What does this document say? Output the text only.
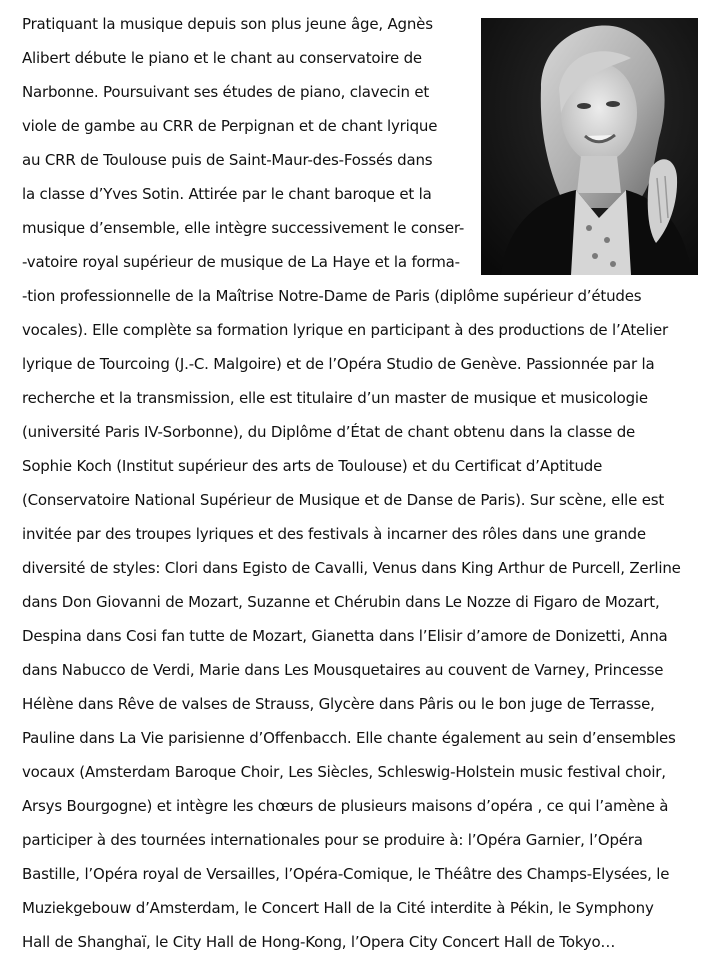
Pratiquant la musique depuis son plus jeune âge, Agnès
Alibert débute le piano et le chant au conservatoire de
Narbonne. Poursuivant ses études de piano, clavecin et
viole de gambe au CRR de Perpignan et de chant lyrique
au CRR de Toulouse puis de Saint-Maur-des-Fossés dans
la classe d’Yves Sotin. Attirée par le chant baroque et la
musique d’ensemble, elle intègre successivement le conser-
-vatoire royal supérieur de musique de La Haye et la forma-
-tion professionnelle de la Maîtrise Notre-Dame de Paris (diplôme supérieur d’études
vocales). Elle complète sa formation lyrique en participant à des productions de l’Atelier
lyrique de Tourcoing (J.-C. Malgoire) et de l’Opéra Studio de Genève. Passionnée par la
recherche et la transmission, elle est titulaire d’un master de musique et musicologie
(université Paris IV-Sorbonne), du Diplôme d’État de chant obtenu dans la classe de
Sophie Koch (Institut supérieur des arts de Toulouse) et du Certificat d’Aptitude
(Conservatoire National Supérieur de Musique et de Danse de Paris). Sur scène, elle est
invitée par des troupes lyriques et des festivals à incarner des rôles dans une grande
diversité de styles: Clori dans Egisto de Cavalli, Venus dans King Arthur de Purcell, Zerline
dans Don Giovanni de Mozart, Suzanne et Chérubin dans Le Nozze di Figaro de Mozart,
Despina dans Cosi fan tutte de Mozart, Gianetta dans l’Elisir d’amore de Donizetti, Anna
dans Nabucco de Verdi, Marie dans Les Mousquetaires au couvent de Varney, Princesse
Hélène dans Rêve de valses de Strauss, Glycère dans Pâris ou le bon juge de Terrasse,
Pauline dans La Vie parisienne d’Offenbacch. Elle chante également au sein d’ensembles
vocaux (Amsterdam Baroque Choir, Les Siècles, Schleswig-Holstein music festival choir,
Arsys Bourgogne) et intègre les chœurs de plusieurs maisons d’opéra , ce qui l’amène à
participer à des tournées internationales pour se produire à: l’Opéra Garnier, l’Opéra
Bastille, l’Opéra royal de Versailles, l’Opéra-Comique, le Théâtre des Champs-Elysées, le
Muziekgebouw d’Amsterdam, le Concert Hall de la Cité interdite à Pékin, le Symphony
Hall de Shanghaï, le City Hall de Hong-Kong, l’Opera City Concert Hall de Tokyo…
